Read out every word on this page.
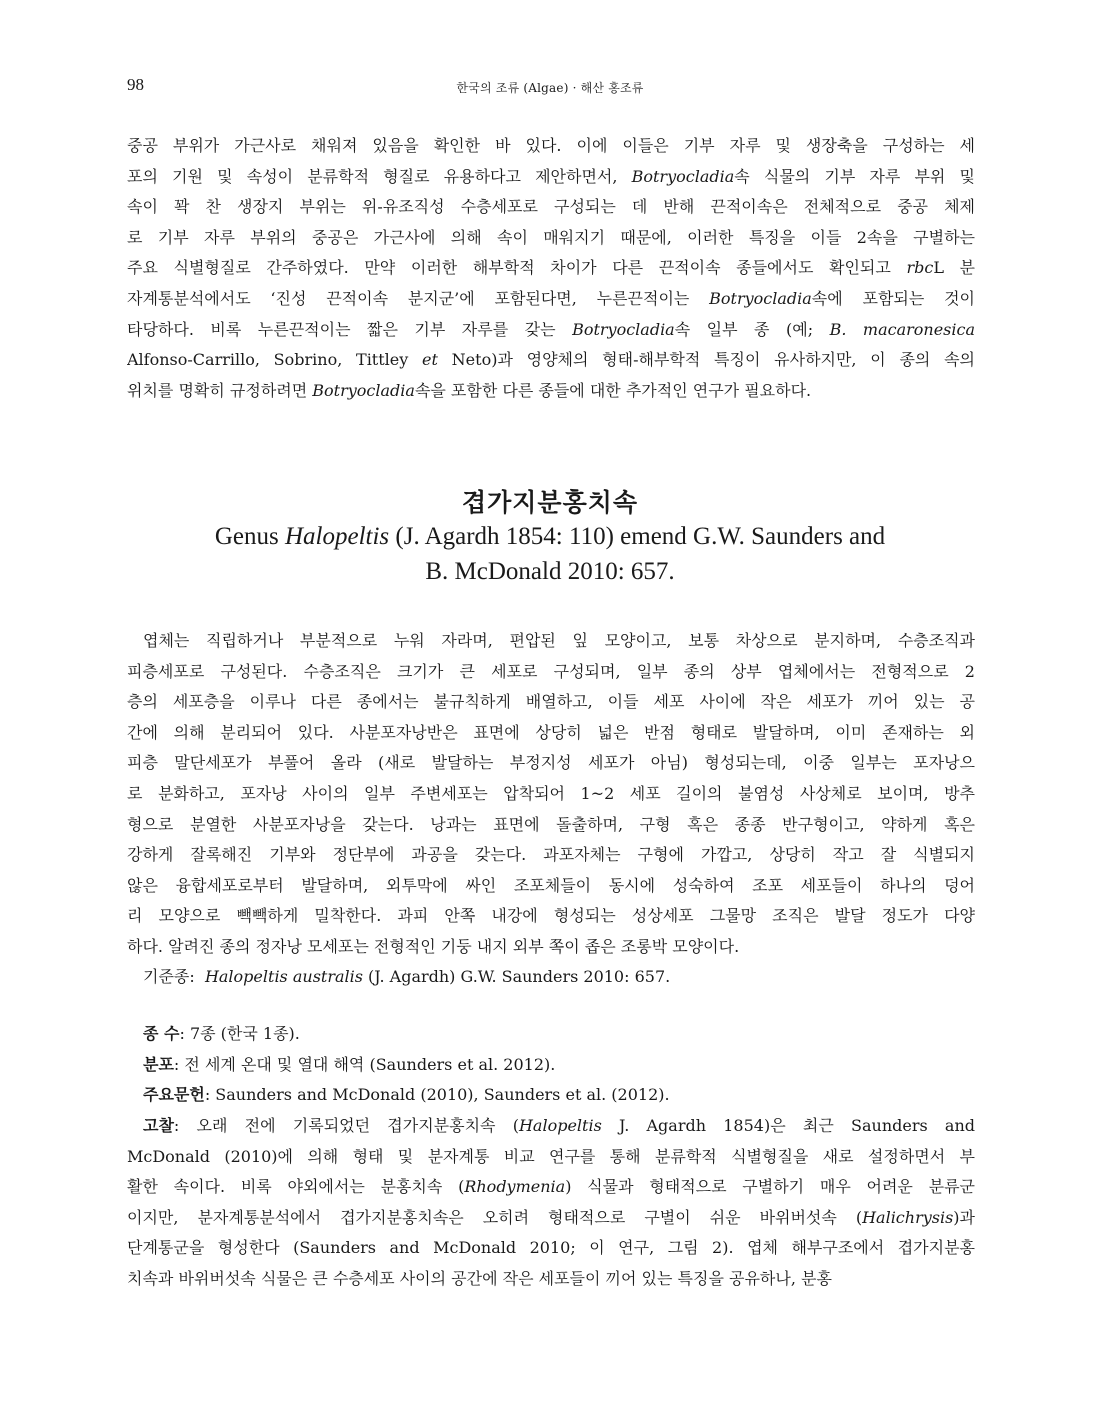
98	한국의 조류 (Algae) · 해산 홍조류
중공 부위가 가근사로 채워져 있음을 확인한 바 있다. 이에 이들은 기부 자루 및 생장축을 구성하는 세
포의 기원 및 속성이 분류학적 형질로 유용하다고 제안하면서, Botryocladia속 식물의 기부 자루 부위 및
속이 꽉 찬 생장지 부위는 위-유조직성 수층세포로 구성되는 데 반해 끈적이속은 전체적으로 중공 체제
로 기부 자루 부위의 중공은 가근사에 의해 속이 매워지기 때문에, 이러한 특징을 이들 2속을 구별하는
주요 식별형질로 간주하였다. 만약 이러한 해부학적 차이가 다른 끈적이속 종들에서도 확인되고 rbcL 분
자계통분석에서도 ‘진성 끈적이속 분지군’에 포함된다면, 누른끈적이는 Botryocladia속에 포함되는 것이
타당하다. 비록 누른끈적이는 짧은 기부 자루를 갖는 Botryocladia속 일부 종 (예; B. macaronesica
Alfonso-Carrillo, Sobrino, Tittley et Neto)과 영양체의 형태-해부학적 특징이 유사하지만, 이 종의 속의
위치를 명확히 규정하려면 Botryocladia속을 포함한 다른 종들에 대한 추가적인 연구가 필요하다.
겹가지분홍치속
Genus Halopeltis (J. Agardh 1854: 110) emend G.W. Saunders and
B. McDonald 2010: 657.
엽체는 직립하거나 부분적으로 누워 자라며, 편압된 잎 모양이고, 보통 차상으로 분지하며, 수층조직과
피층세포로 구성된다. 수층조직은 크기가 큰 세포로 구성되며, 일부 종의 상부 엽체에서는 전형적으로 2
층의 세포층을 이루나 다른 종에서는 불규칙하게 배열하고, 이들 세포 사이에 작은 세포가 끼어 있는 공
간에 의해 분리되어 있다. 사분포자낭반은 표면에 상당히 넓은 반점 형태로 발달하며, 이미 존재하는 외
피층 말단세포가 부풀어 올라 (새로 발달하는 부정지성 세포가 아님) 형성되는데, 이중 일부는 포자낭으
로 분화하고, 포자낭 사이의 일부 주변세포는 압착되어 1~2 세포 길이의 불염성 사상체로 보이며, 방추
형으로 분열한 사분포자낭을 갖는다. 낭과는 표면에 돌출하며, 구형 혹은 종종 반구형이고, 약하게 혹은
강하게 잘록해진 기부와 정단부에 과공을 갖는다. 과포자체는 구형에 가깝고, 상당히 작고 잘 식별되지
않은 융합세포로부터 발달하며, 외투막에 싸인 조포체들이 동시에 성숙하여 조포 세포들이 하나의 덩어
리 모양으로 빽빽하게 밀착한다. 과피 안쪽 내강에 형성되는 성상세포 그물망 조직은 발달 정도가 다양
하다. 알려진 종의 정자낭 모세포는 전형적인 기둥 내지 외부 쪽이 좁은 조롱박 모양이다.
기준종: Halopeltis australis (J. Agardh) G.W. Saunders 2010: 657.
종 수: 7종 (한국 1종).
분포: 전 세계 온대 및 열대 해역 (Saunders et al. 2012).
주요문헌: Saunders and McDonald (2010), Saunders et al. (2012).
고찰: 오래 전에 기록되었던 겹가지분홍치속 (Halopeltis J. Agardh 1854)은 최근 Saunders and
McDonald (2010)에 의해 형태 및 분자계통 비교 연구를 통해 분류학적 식별형질을 새로 설정하면서 부
활한 속이다. 비록 야외에서는 분홍치속 (Rhodymenia) 식물과 형태적으로 구별하기 매우 어려운 분류군
이지만, 분자계통분석에서 겹가지분홍치속은 오히려 형태적으로 구별이 쉬운 바위버섯속 (Halichrysis)과
단계통군을 형성한다 (Saunders and McDonald 2010; 이 연구, 그림 2). 엽체 해부구조에서 겹가지분홍
치속과 바위버섯속 식물은 큰 수층세포 사이의 공간에 작은 세포들이 끼어 있는 특징을 공유하나, 분홍
